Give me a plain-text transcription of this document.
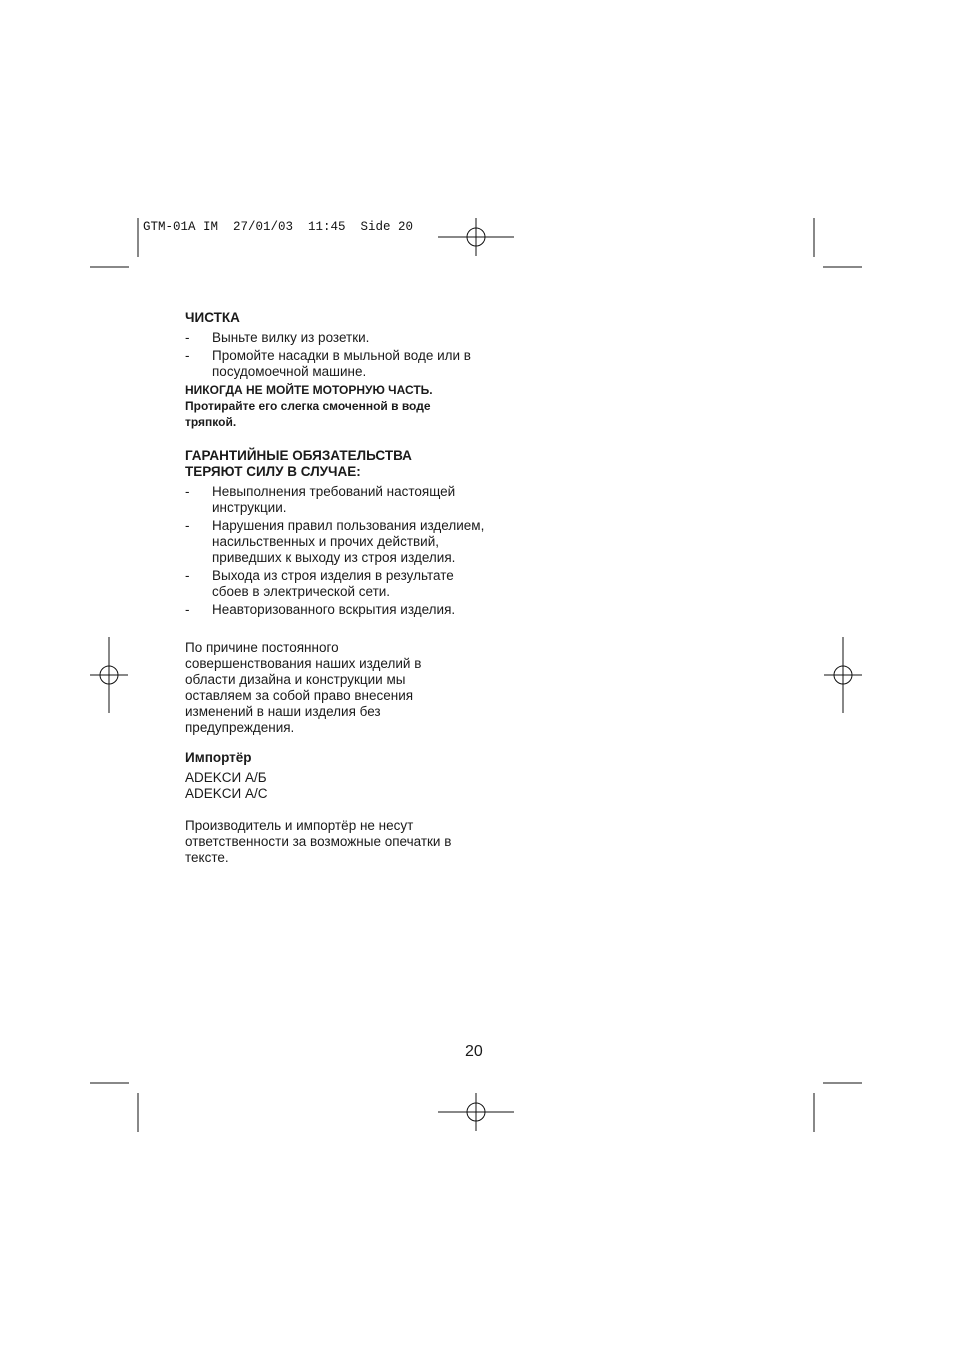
GTM-01A IM  27/01/03  11:45  Side 20

ЧИСТКА

- Выньте вилку из розетки.
- Промойте насадки в мыльной воде или в посудомоечной машине.

НИКОГДА НЕ МОЙТЕ МОТОРНУЮ ЧАСТЬ.

Протирайте его слегка смоченной в воде тряпкой.

ГАРАНТИЙНЫЕ ОБЯЗАТЕЛЬСТВА ТЕРЯЮТ СИЛУ В СЛУЧАЕ:

- Невыполнения требований настоящей инструкции.
- Нарушения правил пользования изделием, насильственных и прочих действий, приведших к выходу из строя изделия.
- Выхода из строя изделия в результате сбоев в электрической сети.
- Неавторизованного вскрытия изделия.

По причине постоянного совершенствования наших изделий в области дизайна и конструкции мы оставляем за собой право внесения изменений в наши изделия без предупреждения.

Импортёр

ADEKCИ A/Б

ADEKCИ A/C

Производитель и импортёр не несут ответственности за возможные опечатки в тексте.

20
